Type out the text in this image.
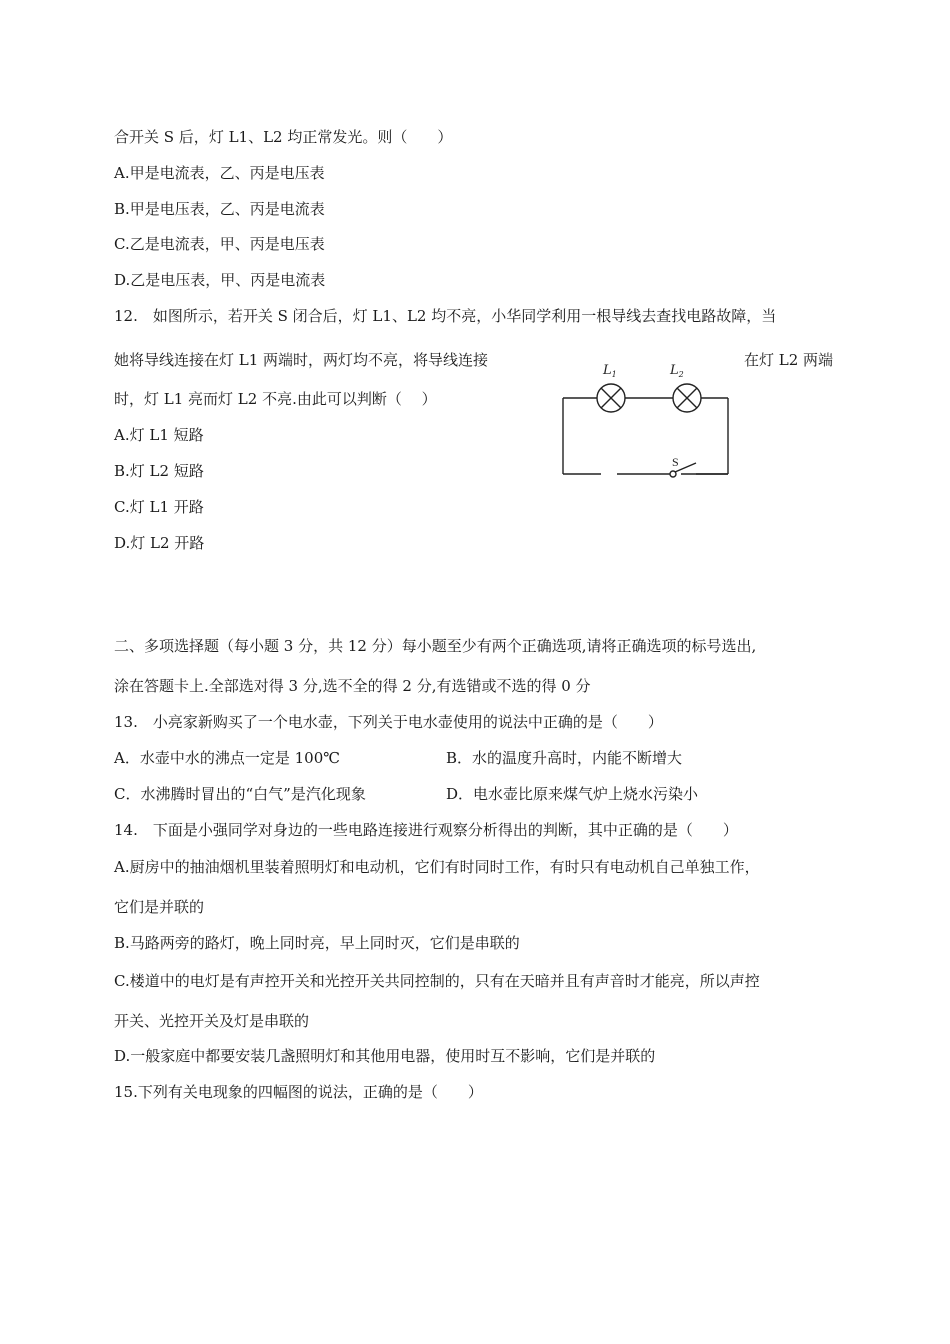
合开关 S 后，灯 L1、L2 均正常发光。则（　　）
A.甲是电流表，乙、丙是电压表
B.甲是电压表，乙、丙是电流表
C.乙是电流表，甲、丙是电压表
D.乙是电压表，甲、丙是电流表
12.　如图所示，若开关 S 闭合后，灯 L1、L2 均不亮，小华同学利用一根导线去查找电路故障，当
她将导线连接在灯 L1 两端时，两灯均不亮，将导线连接	在灯 L2 两端
时，灯 L1 亮而灯 L2 不亮.由此可以判断（　 ）
A.灯 L1 短路
B.灯 L2 短路
C.灯 L1 开路
D.灯 L2 开路
$L_1$	$L_2$
S
二、多项选择题（每小题 3 分，共 12 分）每小题至少有两个正确选项,请将正确选项的标号选出,
涂在答题卡上.全部选对得 3 分,选不全的得 2 分,有选错或不选的得 0 分
13.　小亮家新购买了一个电水壶，下列关于电水壶使用的说法中正确的是（　　）
A．水壶中水的沸点一定是 100℃	B．水的温度升高时，内能不断增大
C．水沸腾时冒出的“白气”是汽化现象	D．电水壶比原来煤气炉上烧水污染小
14.　下面是小强同学对身边的一些电路连接进行观察分析得出的判断，其中正确的是（　　）
A.厨房中的抽油烟机里装着照明灯和电动机，它们有时同时工作，有时只有电动机自己单独工作，
它们是并联的
B.马路两旁的路灯，晚上同时亮，早上同时灭，它们是串联的
C.楼道中的电灯是有声控开关和光控开关共同控制的，只有在天暗并且有声音时才能亮，所以声控
开关、光控开关及灯是串联的
D.一般家庭中都要安装几盏照明灯和其他用电器，使用时互不影响，它们是并联的
15.下列有关电现象的四幅图的说法，正确的是（　　）
